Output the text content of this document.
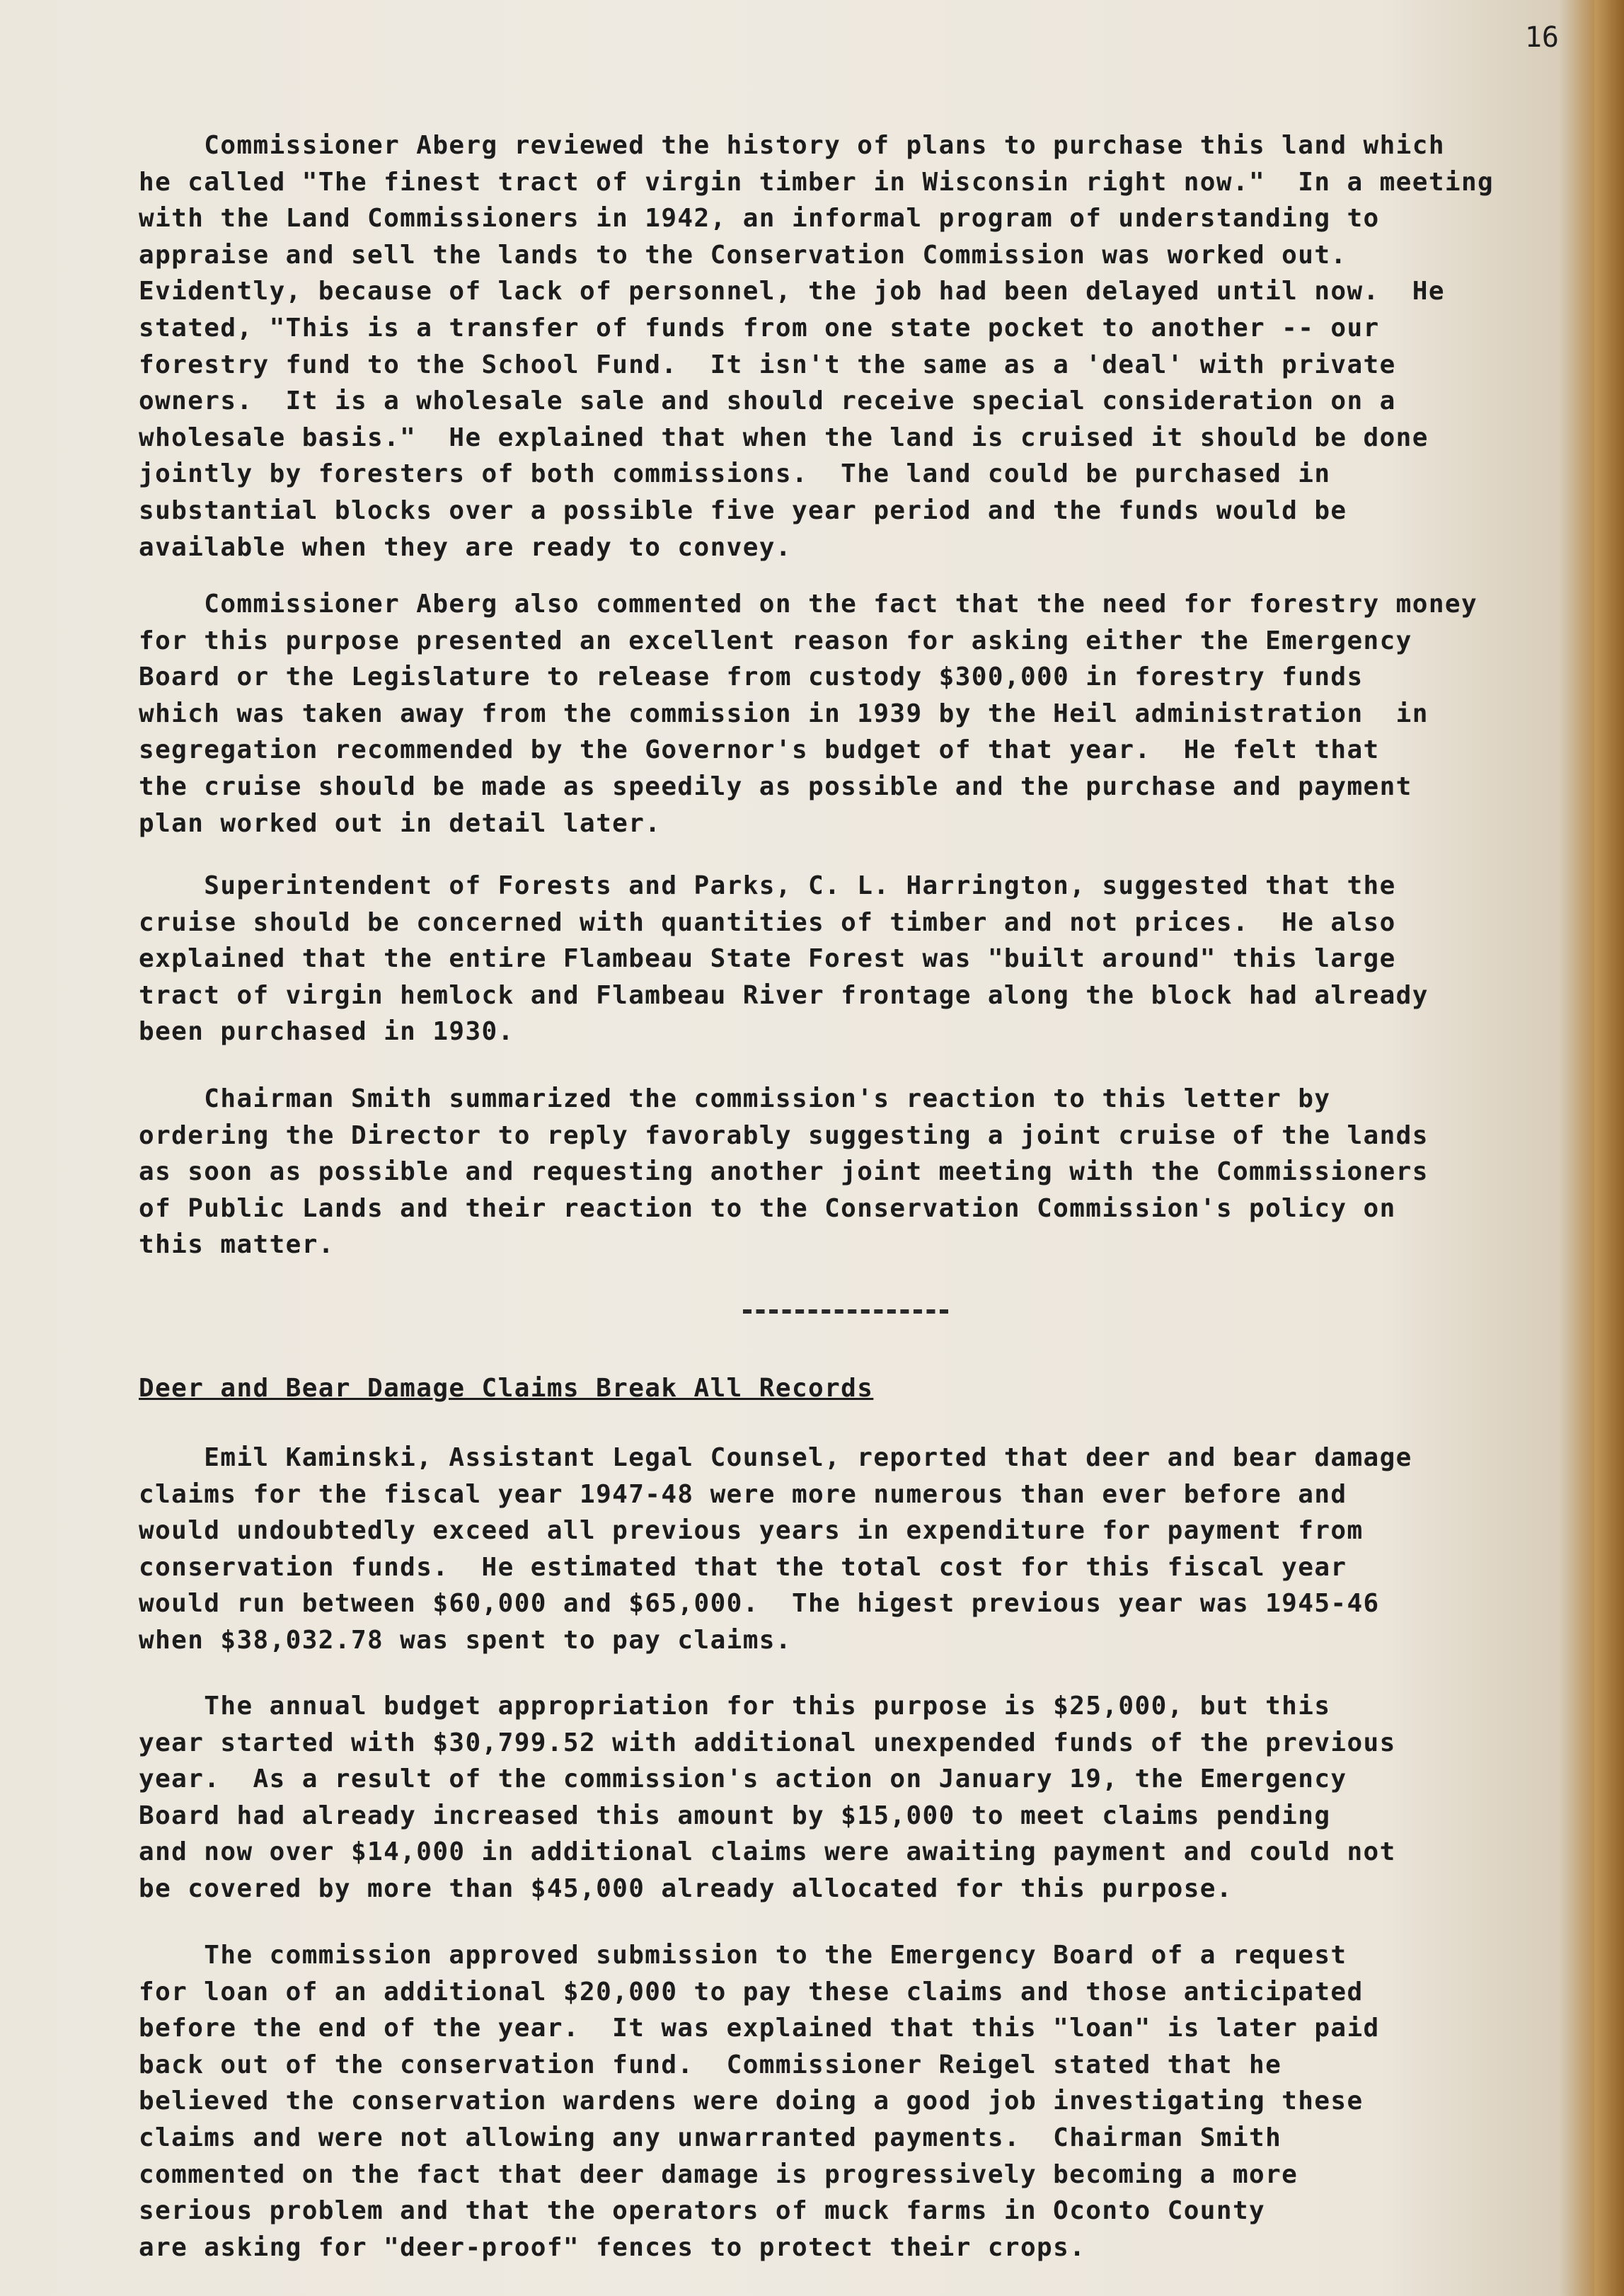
16

Commissioner Aberg reviewed the history of plans to purchase this land which
he called "The finest tract of virgin timber in Wisconsin right now."  In a meeting
with the Land Commissioners in 1942, an informal program of understanding to
appraise and sell the lands to the Conservation Commission was worked out.
Evidently, because of lack of personnel, the job had been delayed until now.  He
stated, "This is a transfer of funds from one state pocket to another -- our
forestry fund to the School Fund.  It isn't the same as a 'deal' with private
owners.  It is a wholesale sale and should receive special consideration on a
wholesale basis."  He explained that when the land is cruised it should be done
jointly by foresters of both commissions.  The land could be purchased in
substantial blocks over a possible five year period and the funds would be
available when they are ready to convey.

Commissioner Aberg also commented on the fact that the need for forestry money
for this purpose presented an excellent reason for asking either the Emergency
Board or the Legislature to release from custody $300,000 in forestry funds
which was taken away from the commission in 1939 by the Heil administration  in
segregation recommended by the Governor's budget of that year.  He felt that
the cruise should be made as speedily as possible and the purchase and payment
plan worked out in detail later.

Superintendent of Forests and Parks, C. L. Harrington, suggested that the
cruise should be concerned with quantities of timber and not prices.  He also
explained that the entire Flambeau State Forest was "built around" this large
tract of virgin hemlock and Flambeau River frontage along the block had already
been purchased in 1930.

Chairman Smith summarized the commission's reaction to this letter by
ordering the Director to reply favorably suggesting a joint cruise of the lands
as soon as possible and requesting another joint meeting with the Commissioners
of Public Lands and their reaction to the Conservation Commission's policy on
this matter.

Deer and Bear Damage Claims Break All Records

Emil Kaminski, Assistant Legal Counsel, reported that deer and bear damage
claims for the fiscal year 1947-48 were more numerous than ever before and
would undoubtedly exceed all previous years in expenditure for payment from
conservation funds.  He estimated that the total cost for this fiscal year
would run between $60,000 and $65,000.  The higest previous year was 1945-46
when $38,032.78 was spent to pay claims.

The annual budget appropriation for this purpose is $25,000, but this
year started with $30,799.52 with additional unexpended funds of the previous
year.  As a result of the commission's action on January 19, the Emergency
Board had already increased this amount by $15,000 to meet claims pending
and now over $14,000 in additional claims were awaiting payment and could not
be covered by more than $45,000 already allocated for this purpose.

The commission approved submission to the Emergency Board of a request
for loan of an additional $20,000 to pay these claims and those anticipated
before the end of the year.  It was explained that this "loan" is later paid
back out of the conservation fund.  Commissioner Reigel stated that he
believed the conservation wardens were doing a good job investigating these
claims and were not allowing any unwarranted payments.  Chairman Smith
commented on the fact that deer damage is progressively becoming a more
serious problem and that the operators of muck farms in Oconto County
are asking for "deer-proof" fences to protect their crops.
